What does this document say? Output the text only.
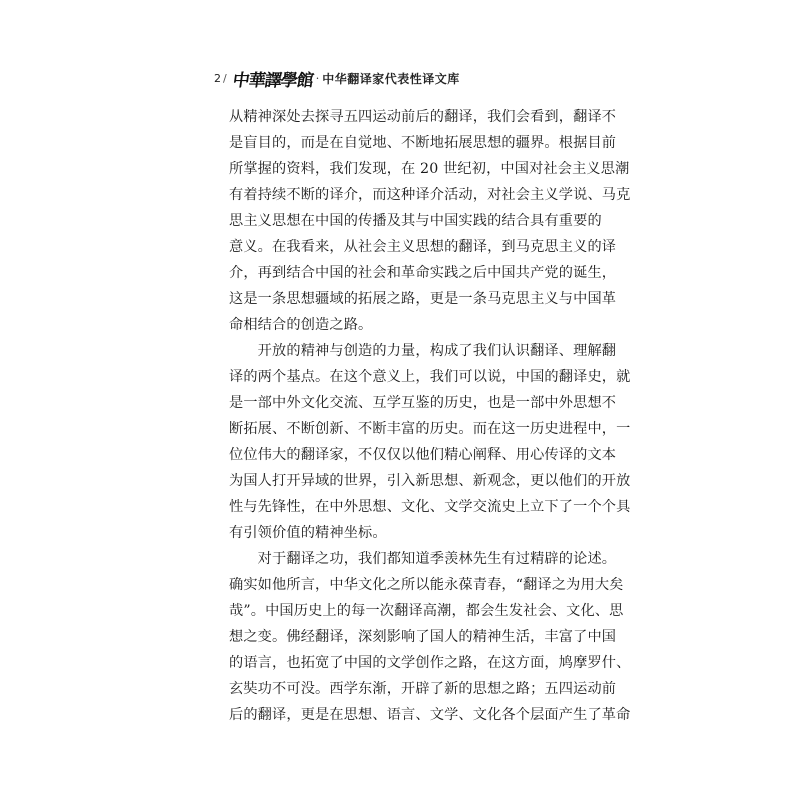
2 / 中華譯學館 · 中华翻译家代表性译文库
从精神深处去探寻五四运动前后的翻译，我们会看到，翻译不
是盲目的，而是在自觉地、不断地拓展思想的疆界。根据目前
所掌握的资料，我们发现，在 20 世纪初，中国对社会主义思潮
有着持续不断的译介，而这种译介活动，对社会主义学说、马克
思主义思想在中国的传播及其与中国实践的结合具有重要的
意义。在我看来，从社会主义思想的翻译，到马克思主义的译
介，再到结合中国的社会和革命实践之后中国共产党的诞生，
这是一条思想疆域的拓展之路，更是一条马克思主义与中国革
命相结合的创造之路。
　　开放的精神与创造的力量，构成了我们认识翻译、理解翻
译的两个基点。在这个意义上，我们可以说，中国的翻译史，就
是一部中外文化交流、互学互鉴的历史，也是一部中外思想不
断拓展、不断创新、不断丰富的历史。而在这一历史进程中，一
位位伟大的翻译家，不仅仅以他们精心阐释、用心传译的文本
为国人打开异域的世界，引入新思想、新观念，更以他们的开放
性与先锋性，在中外思想、文化、文学交流史上立下了一个个具
有引领价值的精神坐标。
　　对于翻译之功，我们都知道季羡林先生有过精辟的论述。
确实如他所言，中华文化之所以能永葆青春，“翻译之为用大矣
哉”。中国历史上的每一次翻译高潮，都会生发社会、文化、思
想之变。佛经翻译，深刻影响了国人的精神生活，丰富了中国
的语言，也拓宽了中国的文学创作之路，在这方面，鸠摩罗什、
玄奘功不可没。西学东渐，开辟了新的思想之路；五四运动前
后的翻译，更是在思想、语言、文学、文化各个层面产生了革命
